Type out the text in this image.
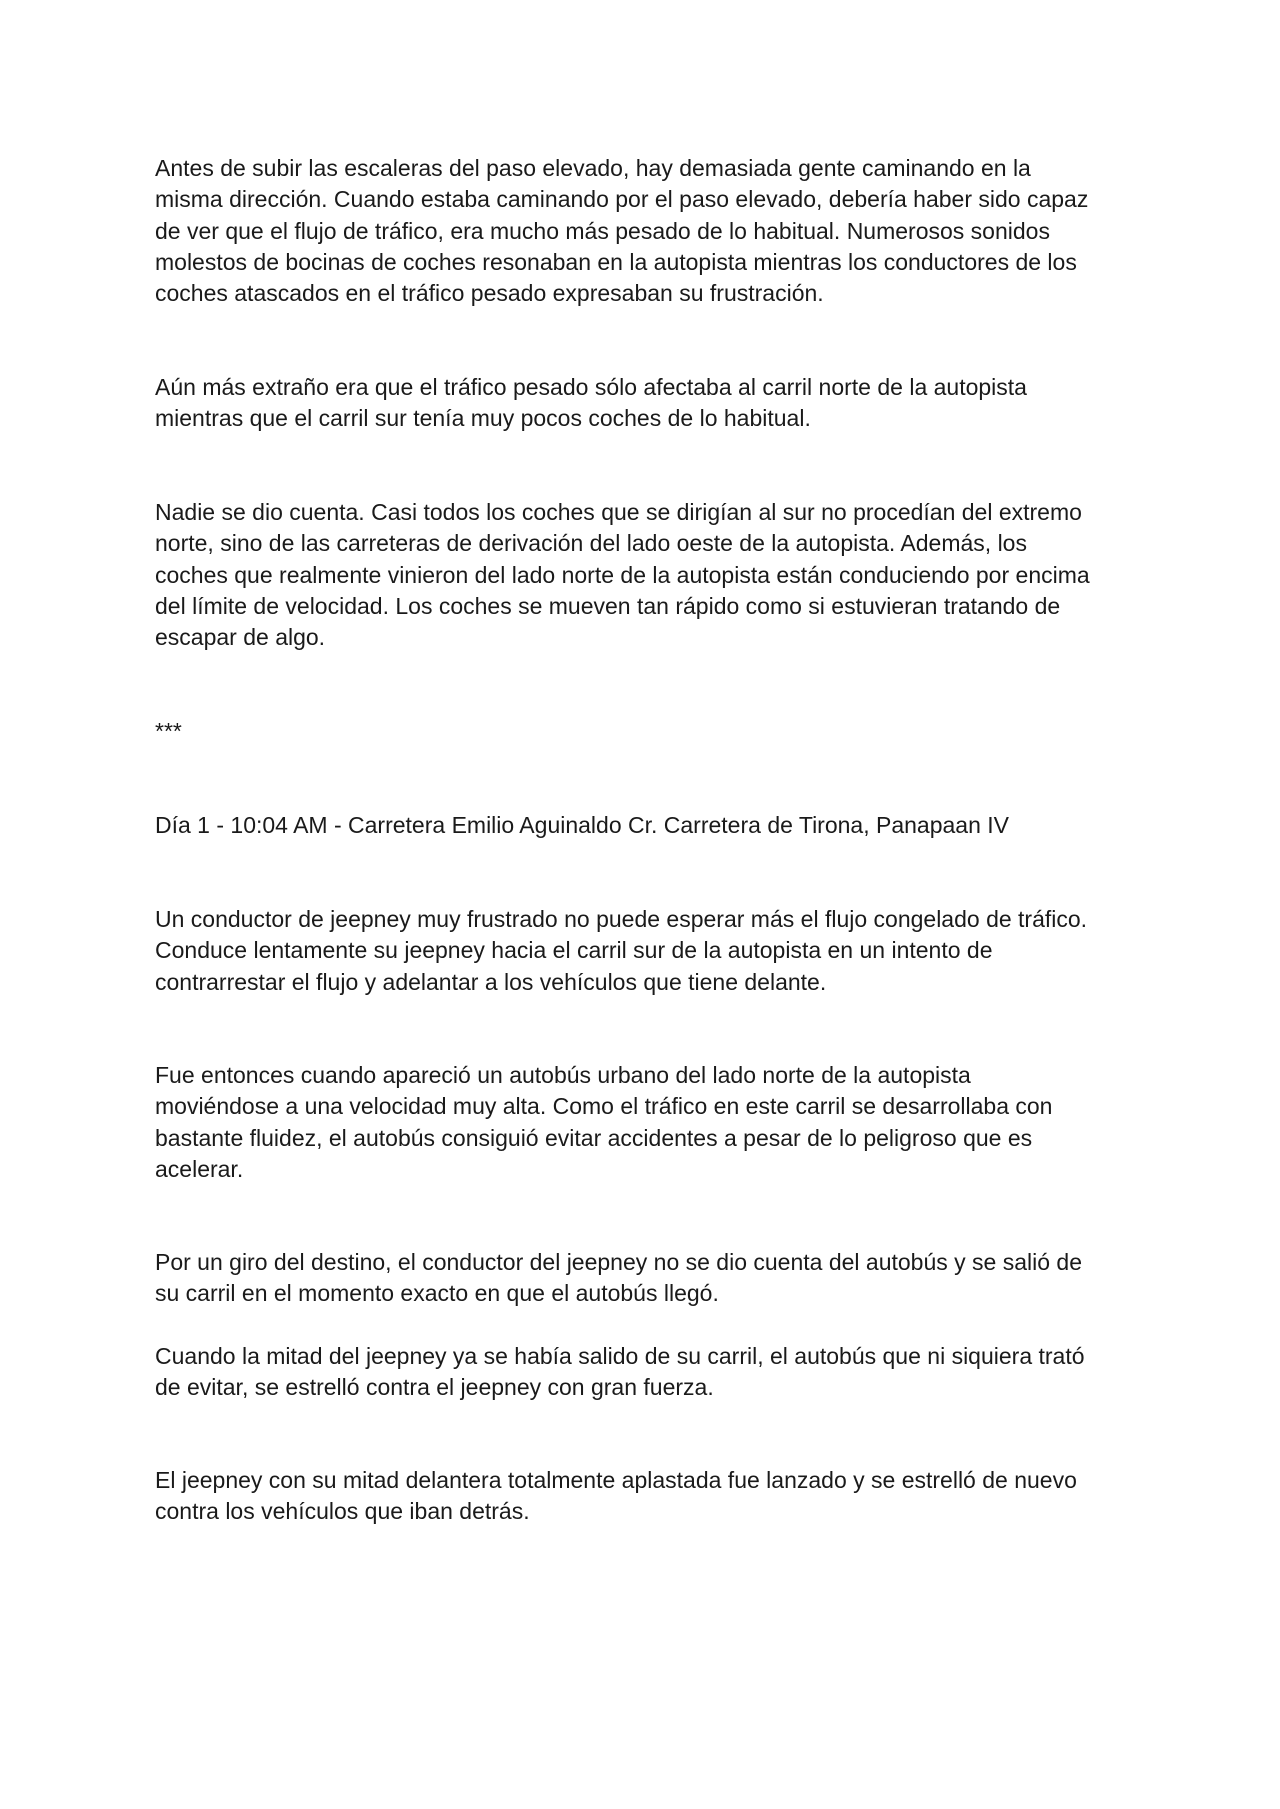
Antes de subir las escaleras del paso elevado, hay demasiada gente caminando en la
misma dirección. Cuando estaba caminando por el paso elevado, debería haber sido capaz
de ver que el flujo de tráfico, era mucho más pesado de lo habitual. Numerosos sonidos
molestos de bocinas de coches resonaban en la autopista mientras los conductores de los
coches atascados en el tráfico pesado expresaban su frustración.

Aún más extraño era que el tráfico pesado sólo afectaba al carril norte de la autopista
mientras que el carril sur tenía muy pocos coches de lo habitual.

Nadie se dio cuenta. Casi todos los coches que se dirigían al sur no procedían del extremo
norte, sino de las carreteras de derivación del lado oeste de la autopista. Además, los
coches que realmente vinieron del lado norte de la autopista están conduciendo por encima
del límite de velocidad. Los coches se mueven tan rápido como si estuvieran tratando de
escapar de algo.

***

Día 1 - 10:04 AM - Carretera Emilio Aguinaldo Cr. Carretera de Tirona, Panapaan IV

Un conductor de jeepney muy frustrado no puede esperar más el flujo congelado de tráfico.
Conduce lentamente su jeepney hacia el carril sur de la autopista en un intento de
contrarrestar el flujo y adelantar a los vehículos que tiene delante.

Fue entonces cuando apareció un autobús urbano del lado norte de la autopista
moviéndose a una velocidad muy alta. Como el tráfico en este carril se desarrollaba con
bastante fluidez, el autobús consiguió evitar accidentes a pesar de lo peligroso que es
acelerar.

Por un giro del destino, el conductor del jeepney no se dio cuenta del autobús y se salió de
su carril en el momento exacto en que el autobús llegó.

Cuando la mitad del jeepney ya se había salido de su carril, el autobús que ni siquiera trató
de evitar, se estrelló contra el jeepney con gran fuerza.

El jeepney con su mitad delantera totalmente aplastada fue lanzado y se estrelló de nuevo
contra los vehículos que iban detrás.
